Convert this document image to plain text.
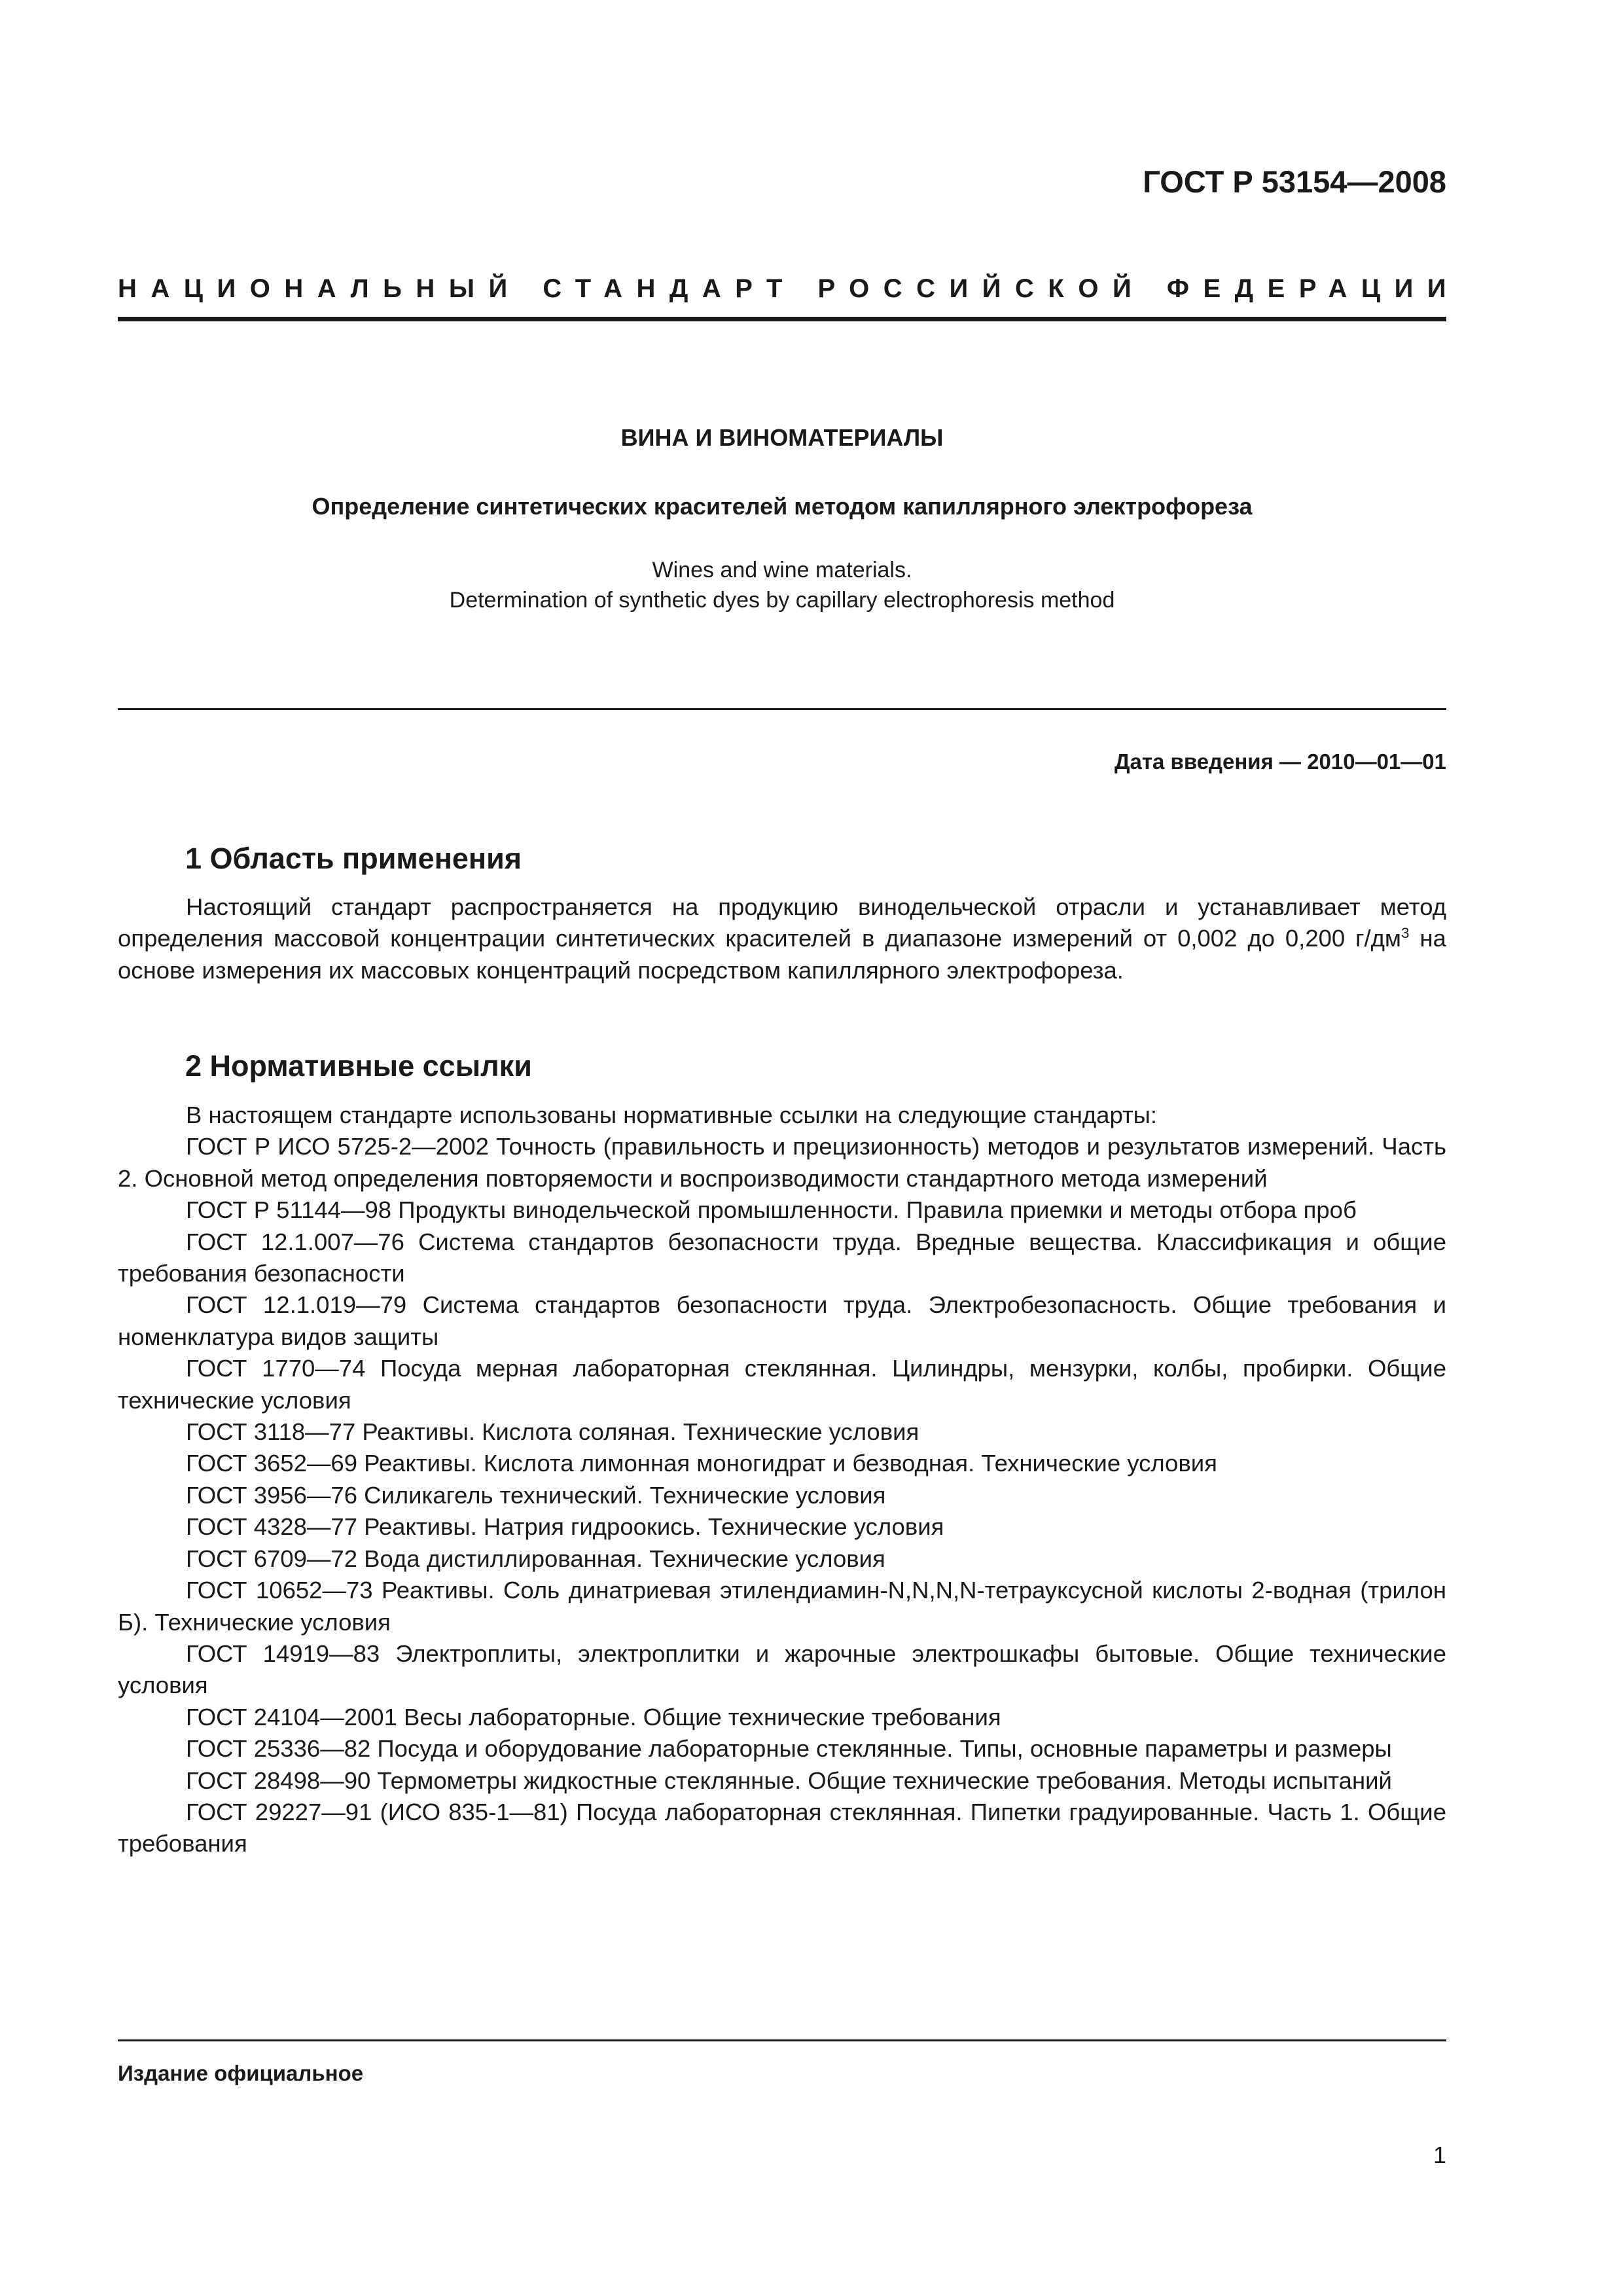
ГОСТ Р 53154—2008
НАЦИОНАЛЬНЫЙ СТАНДАРТ РОССИЙСКОЙ ФЕДЕРАЦИИ
ВИНА И ВИНОМАТЕРИАЛЫ
Определение синтетических красителей методом капиллярного электрофореза
Wines and wine materials.
Determination of synthetic dyes by capillary electrophoresis method
Дата введения — 2010—01—01
1 Область применения

Настоящий стандарт распространяется на продукцию винодельческой отрасли и устанавливает метод определения массовой концентрации синтетических красителей в диапазоне измерений от 0,002 до 0,200 $г/дм^3$ на основе измерения их массовых концентраций посредством капиллярного электрофореза.

2 Нормативные ссылки

В настоящем стандарте использованы нормативные ссылки на следующие стандарты:

ГОСТ Р ИСО 5725-2—2002 Точность (правильность и прецизионность) методов и результатов измерений. Часть 2. Основной метод определения повторяемости и воспроизводимости стандартного метода измерений

ГОСТ Р 51144—98 Продукты винодельческой промышленности. Правила приемки и методы отбора проб

ГОСТ 12.1.007—76 Система стандартов безопасности труда. Вредные вещества. Классификация и общие требования безопасности

ГОСТ 12.1.019—79 Система стандартов безопасности труда. Электробезопасность. Общие требования и номенклатура видов защиты

ГОСТ 1770—74 Посуда мерная лабораторная стеклянная. Цилиндры, мензурки, колбы, пробирки. Общие технические условия

ГОСТ 3118—77 Реактивы. Кислота соляная. Технические условия

ГОСТ 3652—69 Реактивы. Кислота лимонная моногидрат и безводная. Технические условия

ГОСТ 3956—76 Силикагель технический. Технические условия

ГОСТ 4328—77 Реактивы. Натрия гидроокись. Технические условия

ГОСТ 6709—72 Вода дистиллированная. Технические условия

ГОСТ 10652—73 Реактивы. Соль динатриевая этилендиамин-N,N,N,N-тетрауксусной кислоты 2-водная (трилон Б). Технические условия

ГОСТ 14919—83 Электроплиты, электроплитки и жарочные электрошкафы бытовые. Общие технические условия

ГОСТ 24104—2001 Весы лабораторные. Общие технические требования

ГОСТ 25336—82 Посуда и оборудование лабораторные стеклянные. Типы, основные параметры и размеры

ГОСТ 28498—90 Термометры жидкостные стеклянные. Общие технические требования. Методы испытаний

ГОСТ 29227—91 (ИСО 835-1—81) Посуда лабораторная стеклянная. Пипетки градуированные. Часть 1. Общие требования

Издание официальное
1
